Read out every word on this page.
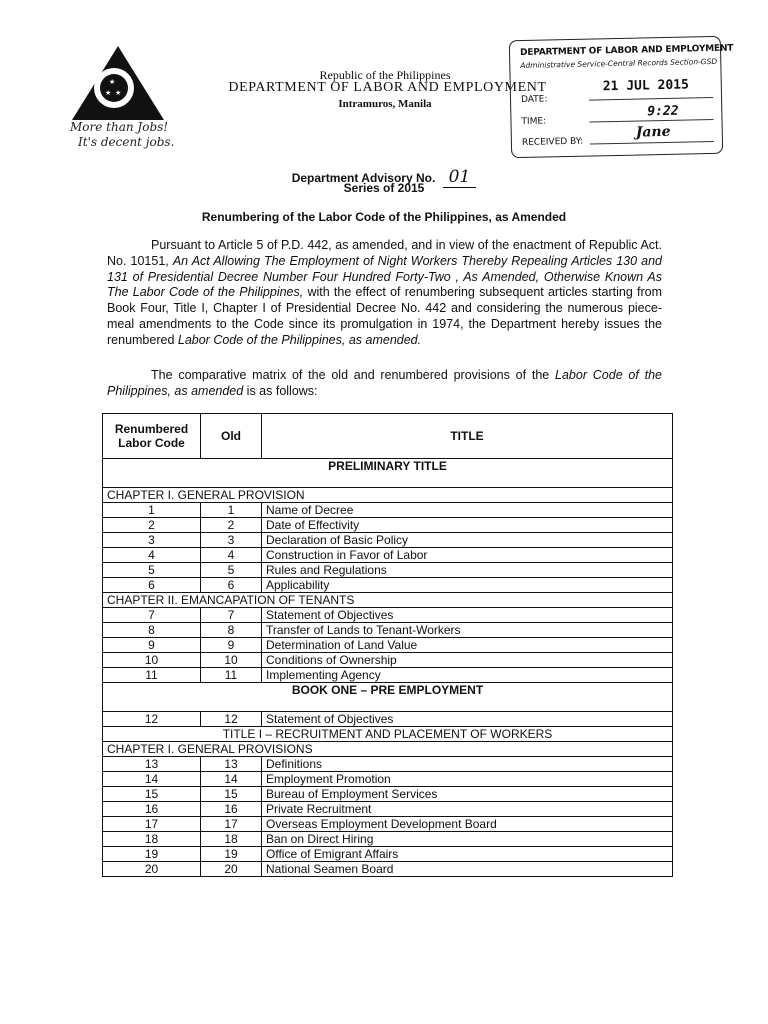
★
★ ★
More than Jobs!
It's decent jobs.
Republic of the Philippines
DEPARTMENT OF LABOR AND EMPLOYMENT
Intramuros, Manila
DEPARTMENT OF LABOR AND EMPLOYMENT
Administrative Service-Central Records Section-GSD
DATE:
21 JUL 2015
TIME:
9:22
RECEIVED BY:
Jane
Department Advisory No. 01
Series of 2015
Renumbering of the Labor Code of the Philippines, as Amended
Pursuant to Article 5 of P.D. 442, as amended, and in view of the enactment of Republic Act. No. 10151, An Act Allowing The Employment of Night Workers Thereby Repealing Articles 130 and 131 of Presidential Decree Number Four Hundred Forty-Two , As Amended, Otherwise Known As The Labor Code of the Philippines, with the effect of renumbering subsequent articles starting from Book Four, Title I, Chapter I of Presidential Decree No. 442 and considering the numerous piece-meal amendments to the Code since its promulgation in 1974, the Department hereby issues the renumbered Labor Code of the Philippines, as amended.
The comparative matrix of the old and renumbered provisions of the Labor Code of the Philippines, as amended is as follows:
Renumbered Labor Code	Old	TITLE
PRELIMINARY TITLE		
CHAPTER I. GENERAL PROVISION		
1	1	Name of Decree
2	2	Date of Effectivity
3	3	Declaration of Basic Policy
4	4	Construction in Favor of Labor
5	5	Rules and Regulations
6	6	Applicability
CHAPTER II. EMANCAPATION OF TENANTS		
7	7	Statement of Objectives
8	8	Transfer of Lands to Tenant-Workers
9	9	Determination of Land Value
10	10	Conditions of Ownership
11	11	Implementing Agency
BOOK ONE – PRE EMPLOYMENT		
12	12	Statement of Objectives
TITLE I – RECRUITMENT AND PLACEMENT OF WORKERS		
CHAPTER I. GENERAL PROVISIONS		
13	13	Definitions
14	14	Employment Promotion
15	15	Bureau of Employment Services
16	16	Private Recruitment
17	17	Overseas Employment Development Board
18	18	Ban on Direct Hiring
19	19	Office of Emigrant Affairs
20	20	National Seamen Board
